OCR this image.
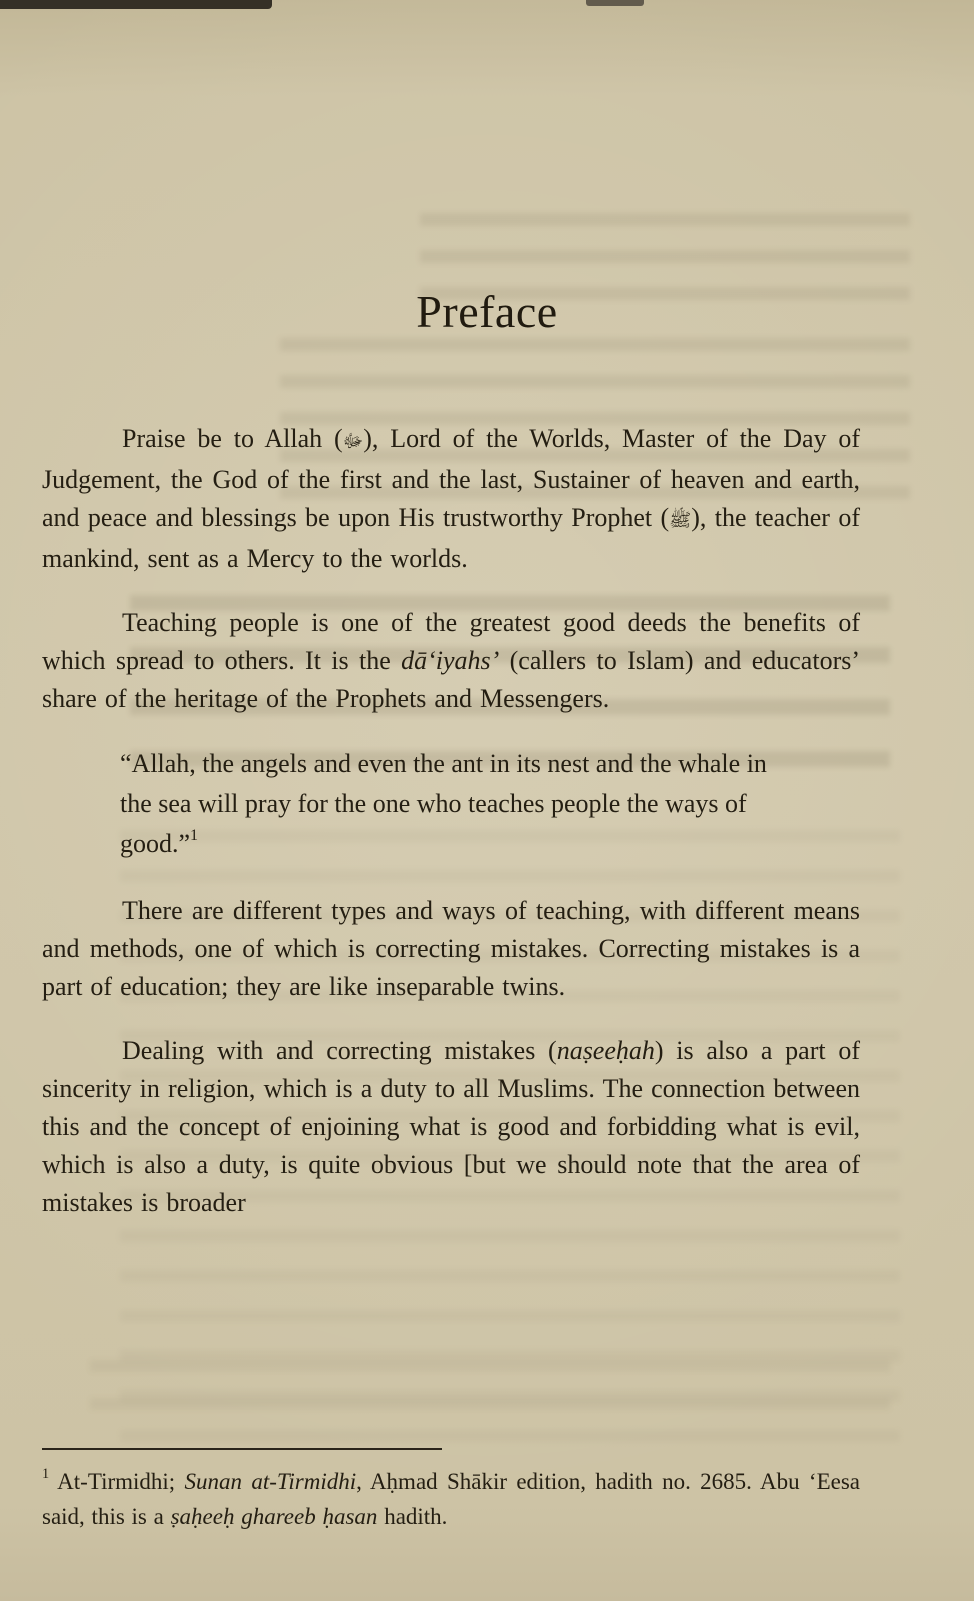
Preface

Praise be to Allah (ﷻ), Lord of the Worlds, Master of the Day of Judgement, the God of the first and the last, Sustainer of heaven and earth, and peace and blessings be upon His trustworthy Prophet (ﷺ), the teacher of mankind, sent as a Mercy to the worlds.

Teaching people is one of the greatest good deeds the benefits of which spread to others. It is the dā‘iyahs’ (callers to Islam) and educators’ share of the heritage of the Prophets and Messengers.

“Allah, the angels and even the ant in its nest and the whale in the sea will pray for the one who teaches people the ways of good.”$^1$

There are different types and ways of teaching, with different means and methods, one of which is correcting mistakes. Correcting mistakes is a part of education; they are like inseparable twins.

Dealing with and correcting mistakes (naṣeeḥah) is also a part of sincerity in religion, which is a duty to all Muslims. The connection between this and the concept of enjoining what is good and forbidding what is evil, which is also a duty, is quite obvious [but we should note that the area of mistakes is broader

$^1$ At-Tirmidhi; Sunan at-Tirmidhi, Aḥmad Shākir edition, hadith no. 2685. Abu ‘Eesa said, this is a ṣaḥeeḥ ghareeb ḥasan hadith.
